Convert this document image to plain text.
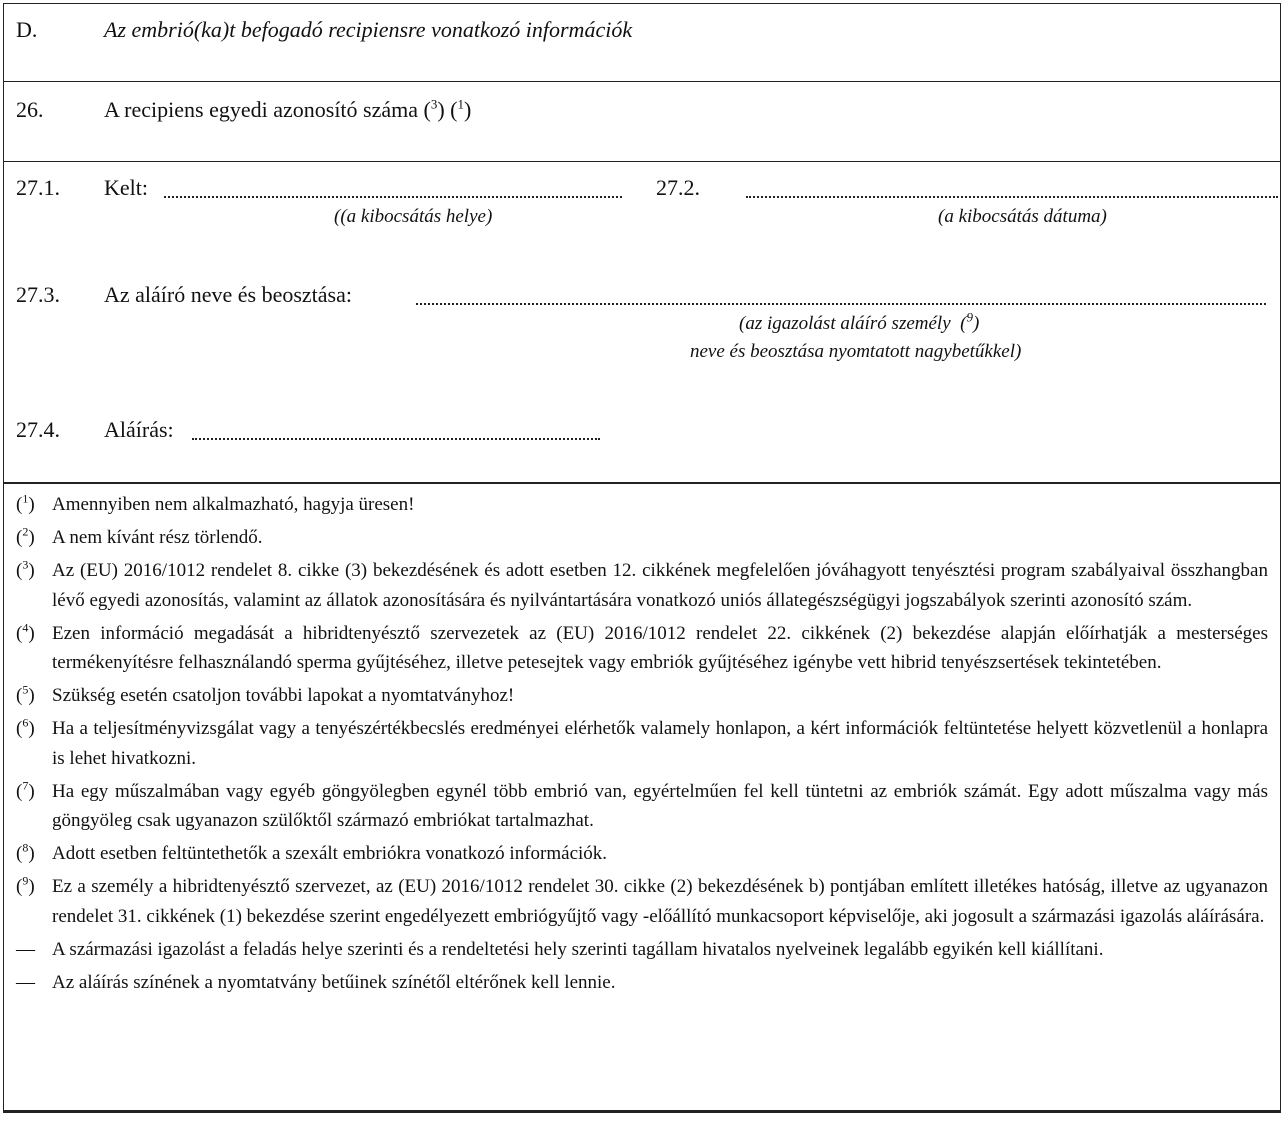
D.	Az embrió(ka)t befogadó recipiensre vonatkozó információk
26.	A recipiens egyedi azonosító száma ($^3$) ($^1$)
27.1. Kelt:
((a kibocsátás helye)
27.2.
(a kibocsátás dátuma)
27.3. Az aláíró neve és beosztása:
(az igazolást aláíró személy  ($^9$)
neve és beosztása nyomtatott nagybetűkkel)
27.4. Aláírás:
($^1$) Amennyiben nem alkalmazható, hagyja üresen!
($^2$) A nem kívánt rész törlendő.
($^3$) Az (EU) 2016/1012 rendelet 8. cikke (3) bekezdésének és adott esetben 12. cikkének megfelelően jóváhagyott tenyésztési program szabályaival összhangban lévő egyedi azonosítás, valamint az állatok azonosítására és nyilvántartására vonatkozó uniós állategészségügyi jogszabályok szerinti azonosító szám.
($^4$) Ezen információ megadását a hibridtenyésztő szervezetek az (EU) 2016/1012 rendelet 22. cikkének (2) bekezdése alapján előírhatják a mesterséges termékenyítésre felhasználandó sperma gyűjtéséhez, illetve petesejtek vagy embriók gyűjtéséhez igénybe vett hibrid tenyészsertések tekintetében.
($^5$) Szükség esetén csatoljon további lapokat a nyomtatványhoz!
($^6$) Ha a teljesítményvizsgálat vagy a tenyészértékbecslés eredményei elérhetők valamely honlapon, a kért információk feltüntetése helyett közvetlenül a honlapra is lehet hivatkozni.
($^7$) Ha egy műszalmában vagy egyéb göngyölegben egynél több embrió van, egyértelműen fel kell tüntetni az embriók számát. Egy adott műszalma vagy más göngyöleg csak ugyanazon szülőktől származó embriókat tartalmazhat.
($^8$) Adott esetben feltüntethetők a szexált embriókra vonatkozó információk.
($^9$) Ez a személy a hibridtenyésztő szervezet, az (EU) 2016/1012 rendelet 30. cikke (2) bekezdésének b) pontjában említett illetékes hatóság, illetve az ugyanazon rendelet 31. cikkének (1) bekezdése szerint engedélyezett embriógyűjtő vagy -előállító munkacsoport képviselője, aki jogosult a származási igazolás aláírására.
— A származási igazolást a feladás helye szerinti és a rendeltetési hely szerinti tagállam hivatalos nyelveinek legalább egyikén kell kiállítani.
— Az aláírás színének a nyomtatvány betűinek színétől eltérőnek kell lennie.
